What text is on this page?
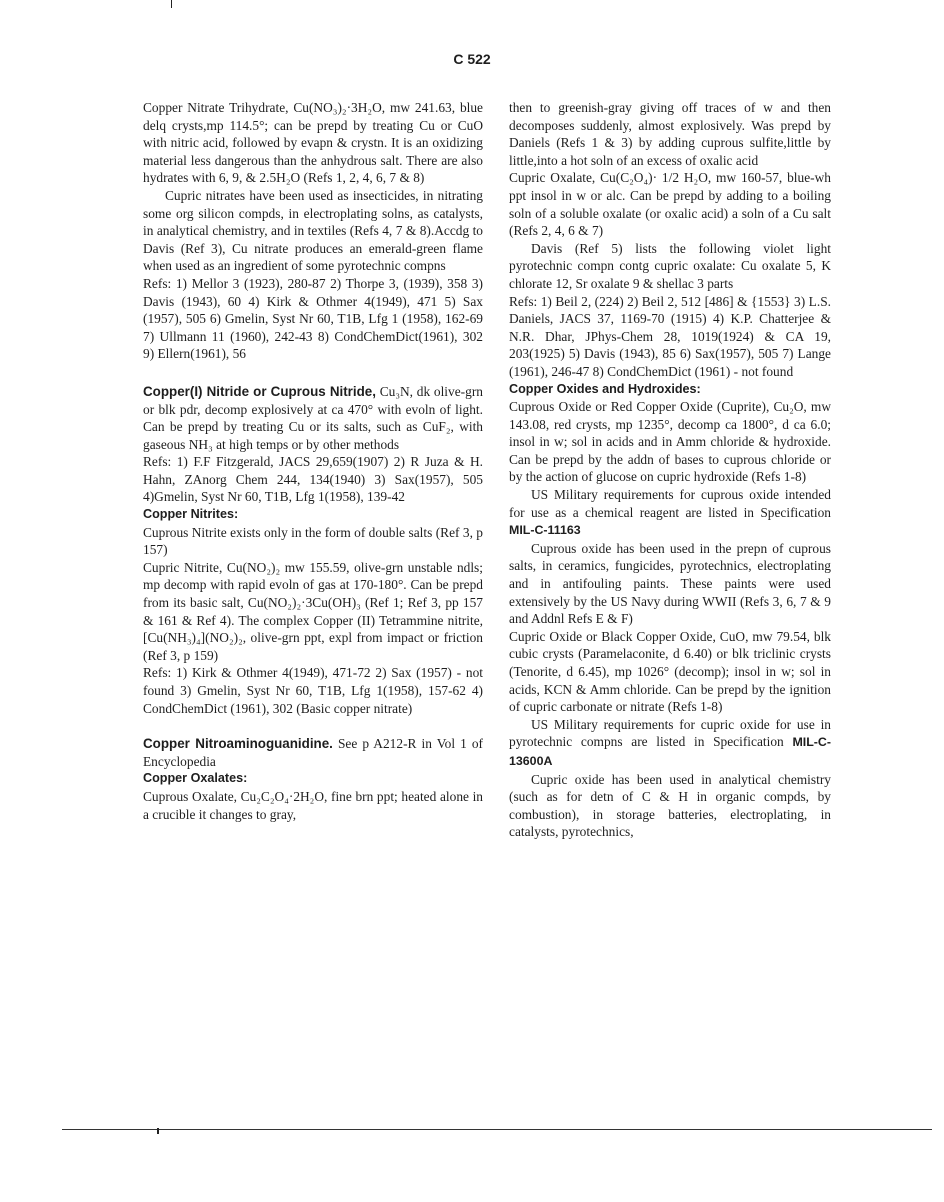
C 522

Copper Nitrate Trihydrate, Cu(NO₃)₂·3H₂O, mw 241.63, blue delq crysts,mp 114.5°; can be prepd by treating Cu or CuO with nitric acid, followed by evapn & crystn. It is an oxidizing material less dangerous than the anhydrous salt. There are also hydrates with 6, 9, & 2.5H₂O (Refs 1, 2, 4, 6, 7 & 8)

Cupric nitrates have been used as insecticides, in nitrating some org silicon compds, in electroplating solns, as catalysts, in analytical chemistry, and in textiles (Refs 4, 7 & 8).Accdg to Davis (Ref 3), Cu nitrate produces an emerald-green flame when used as an ingredient of some pyrotechnic compns

Refs: 1) Mellor 3 (1923), 280-87 2) Thorpe 3, (1939), 358 3) Davis (1943), 60 4) Kirk & Othmer 4(1949), 471 5) Sax (1957), 505 6) Gmelin, Syst Nr 60, T1B, Lfg 1 (1958), 162-69 7) Ullmann 11 (1960), 242-43 8) CondChemDict(1961), 302 9) Ellern(1961), 56

Copper(I) Nitride or Cuprous Nitride, Cu₃N, dk olive-grn or blk pdr, decomp explosively at ca 470° with evoln of light. Can be prepd by treating Cu or its salts, such as CuF₂, with gaseous NH₃ at high temps or by other methods

Refs: 1) F.F Fitzgerald, JACS 29,659(1907) 2) R Juza & H. Hahn, ZAnorg Chem 244, 134(1940) 3) Sax(1957), 505 4)Gmelin, Syst Nr 60, T1B, Lfg 1(1958), 139-42

Copper Nitrites:

Cuprous Nitrite exists only in the form of double salts (Ref 3, p 157)

Cupric Nitrite, Cu(NO₂)₂ mw 155.59, olive-grn unstable ndls; mp decomp with rapid evoln of gas at 170-180°. Can be prepd from its basic salt, Cu(NO₂)₂·3Cu(OH)₃ (Ref 1; Ref 3, pp 157 & 161 & Ref 4). The complex Copper (II) Tetrammine nitrite, [Cu(NH₃)₄](NO₂)₂, olive-grn ppt, expl from impact or friction (Ref 3, p 159)

Refs: 1) Kirk & Othmer 4(1949), 471-72 2) Sax (1957) - not found 3) Gmelin, Syst Nr 60, T1B, Lfg 1(1958), 157-62 4) CondChemDict (1961), 302 (Basic copper nitrate)

Copper Nitroaminoguanidine. See p A212-R in Vol 1 of Encyclopedia

Copper Oxalates:

Cuprous Oxalate, Cu₂C₂O₄·2H₂O, fine brn ppt; heated alone in a crucible it changes to gray,

then to greenish-gray giving off traces of w and then decomposes suddenly, almost explosively. Was prepd by Daniels (Refs 1 & 3) by adding cuprous sulfite,little by little,into a hot soln of an excess of oxalic acid

Cupric Oxalate, Cu(C₂O₄)· 1/2 H₂O, mw 160-57, blue-wh ppt insol in w or alc. Can be prepd by adding to a boiling soln of a soluble oxalate (or oxalic acid) a soln of a Cu salt (Refs 2, 4, 6 & 7)

Davis (Ref 5) lists the following violet light pyrotechnic compn contg cupric oxalate: Cu oxalate 5, K chlorate 12, Sr oxalate 9 & shellac 3 parts

Refs: 1) Beil 2, (224) 2) Beil 2, 512 [486] & {1553} 3) L.S. Daniels, JACS 37, 1169-70 (1915) 4) K.P. Chatterjee & N.R. Dhar, JPhys-Chem 28, 1019(1924) & CA 19, 203(1925) 5) Davis (1943), 85 6) Sax(1957), 505 7) Lange (1961), 246-47 8) CondChemDict (1961) - not found

Copper Oxides and Hydroxides:

Cuprous Oxide or Red Copper Oxide (Cuprite), Cu₂O, mw 143.08, red crysts, mp 1235°, decomp ca 1800°, d ca 6.0; insol in w; sol in acids and in Amm chloride & hydroxide. Can be prepd by the addn of bases to cuprous chloride or by the action of glucose on cupric hydroxide (Refs 1-8)

US Military requirements for cuprous oxide intended for use as a chemical reagent are listed in Specification MIL-C-11163

Cuprous oxide has been used in the prepn of cuprous salts, in ceramics, fungicides, pyrotechnics, electroplating and in antifouling paints. These paints were used extensively by the US Navy during WWII (Refs 3, 6, 7 & 9 and Addnl Refs E & F)

Cupric Oxide or Black Copper Oxide, CuO, mw 79.54, blk cubic crysts (Paramelaconite, d 6.40) or blk triclinic crysts (Tenorite, d 6.45), mp 1026° (decomp); insol in w; sol in acids, KCN & Amm chloride. Can be prepd by the ignition of cupric carbonate or nitrate (Refs 1-8)

US Military requirements for cupric oxide for use in pyrotechnic compns are listed in Specification MIL-C-13600A

Cupric oxide has been used in analytical chemistry (such as for detn of C & H in organic compds, by combustion), in storage batteries, electroplating, in catalysts, pyrotechnics,
